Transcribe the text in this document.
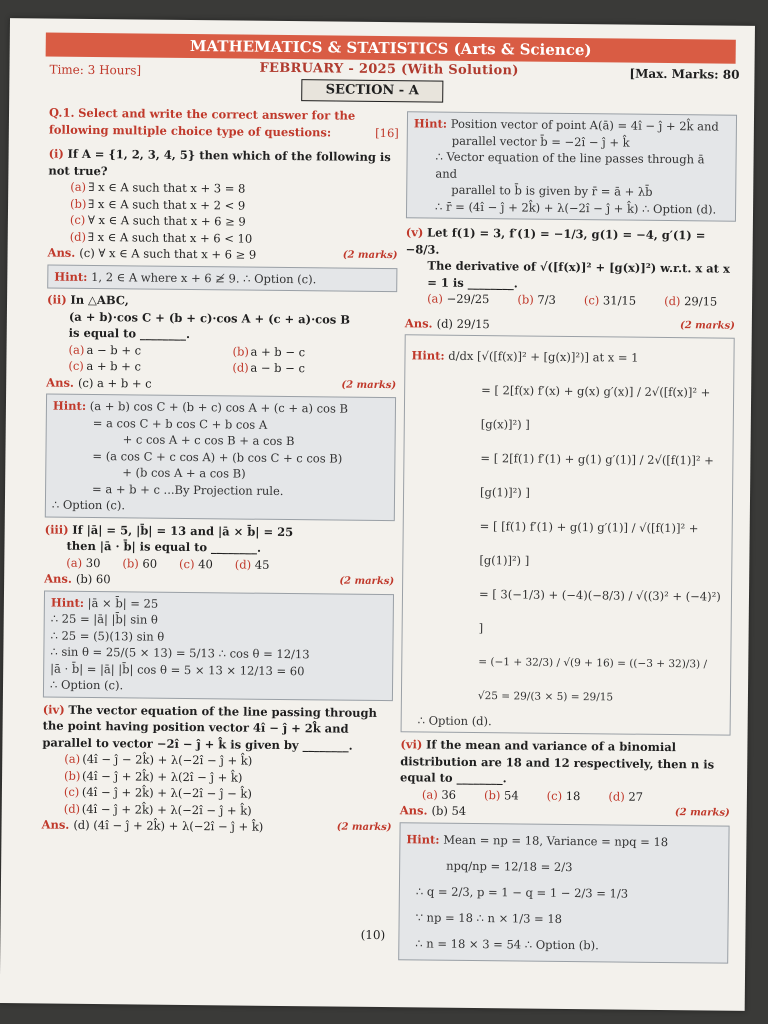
MATHEMATICS & STATISTICS (Arts & Science)
Time: 3 Hours]	FEBRUARY - 2025 (With Solution)	[Max. Marks: 80
SECTION - A
Q.1. Select and write the correct answer for the following multiple choice type of questions:	[16]
(i) If A = {1, 2, 3, 4, 5} then which of the following is not true?
(a) ∃ x ∈ A such that x + 3 = 8
(b) ∃ x ∈ A such that x + 2 < 9
(c) ∀ x ∈ A such that x + 6 ≥ 9
(d) ∃ x ∈ A such that x + 6 < 10
Ans. (c) ∀ x ∈ A such that x + 6 ≥ 9	(2 marks)
Hint: 1, 2 ∈ A where x + 6 ≱ 9. ∴ Option (c).
(ii) In △ABC,
(a + b)·cos C + (b + c)·cos A + (c + a)·cos B
is equal to ________.
(a) a − b + c	(b) a + b − c
(c) a + b + c	(d) a − b − c
Ans. (c) a + b + c	(2 marks)
Hint: (a + b) cos C + (b + c) cos A + (c + a) cos B
= a cos C + b cos C + b cos A
+ c cos A + c cos B + a cos B
= (a cos C + c cos A) + (b cos C + c cos B)
+ (b cos A + a cos B)
= a + b + c ...By Projection rule.
∴ Option (c).
(iii) If |ā| = 5, |b̄| = 13 and |ā × b̄| = 25
then |ā · b̄| is equal to ________.
(a) 30 (b) 60 (c) 40 (d) 45
Ans. (b) 60	(2 marks)
Hint: |ā × b̄| = 25
∴ 25 = |ā| |b̄| sin θ
∴ 25 = (5)(13) sin θ
∴ sin θ = 25/(5 × 13) = 5/13 ∴ cos θ = 12/13
|ā · b̄| = |ā| |b̄| cos θ = 5 × 13 × 12/13 = 60
∴ Option (c).
(iv) The vector equation of the line passing through the point having position vector 4î − ĵ + 2k̂ and parallel to vector −2î − ĵ + k̂ is given by ________.
(a) (4î − ĵ − 2k̂) + λ(−2î − ĵ + k̂)
(b) (4î − ĵ + 2k̂) + λ(2î − ĵ + k̂)
(c) (4î − ĵ + 2k̂) + λ(−2î − ĵ − k̂)
(d) (4î − ĵ + 2k̂) + λ(−2î − ĵ + k̂)
Ans. (d) (4î − ĵ + 2k̂) + λ(−2î − ĵ + k̂)	(2 marks)
Hint: Position vector of point A(ā) = 4î − ĵ + 2k̂ and
parallel vector b̄ = −2î − ĵ + k̂
∴ Vector equation of the line passes through ā and
parallel to b̄ is given by r̄ = ā + λb̄
∴ r̄ = (4î − ĵ + 2k̂) + λ(−2î − ĵ + k̂) ∴ Option (d).
(v) Let f(1) = 3, f′(1) = −1/3, g(1) = −4, g′(1) = −8/3.
The derivative of √([f(x)]² + [g(x)]²) w.r.t. x at x = 1 is ________.
(a) −29/25 (b) 7/3 (c) 31/15 (d) 29/15
Ans. (d) 29/15	(2 marks)
Hint: d/dx [√([f(x)]² + [g(x)]²)] at x = 1
= [ 2[f(x) f′(x) + g(x) g′(x)] / 2√([f(x)]² + [g(x)]²) ]
= [ 2[f(1) f′(1) + g(1) g′(1)] / 2√([f(1)]² + [g(1)]²) ]
= [ [f(1) f′(1) + g(1) g′(1)] / √([f(1)]² + [g(1)]²) ]
= [ 3(−1/3) + (−4)(−8/3) / √((3)² + (−4)²) ]
= (−1 + 32/3) / √(9 + 16) = ((−3 + 32)/3) / √25 = 29/(3 × 5) = 29/15
∴ Option (d).
(vi) If the mean and variance of a binomial distribution are 18 and 12 respectively, then n is equal to ________.
(a) 36 (b) 54 (c) 18 (d) 27
Ans. (b) 54	(2 marks)
Hint: Mean = np = 18, Variance = npq = 18
npq/np = 12/18 = 2/3
∴ q = 2/3, p = 1 − q = 1 − 2/3 = 1/3
∵ np = 18 ∴ n × 1/3 = 18
∴ n = 18 × 3 = 54 ∴ Option (b).
(10)
